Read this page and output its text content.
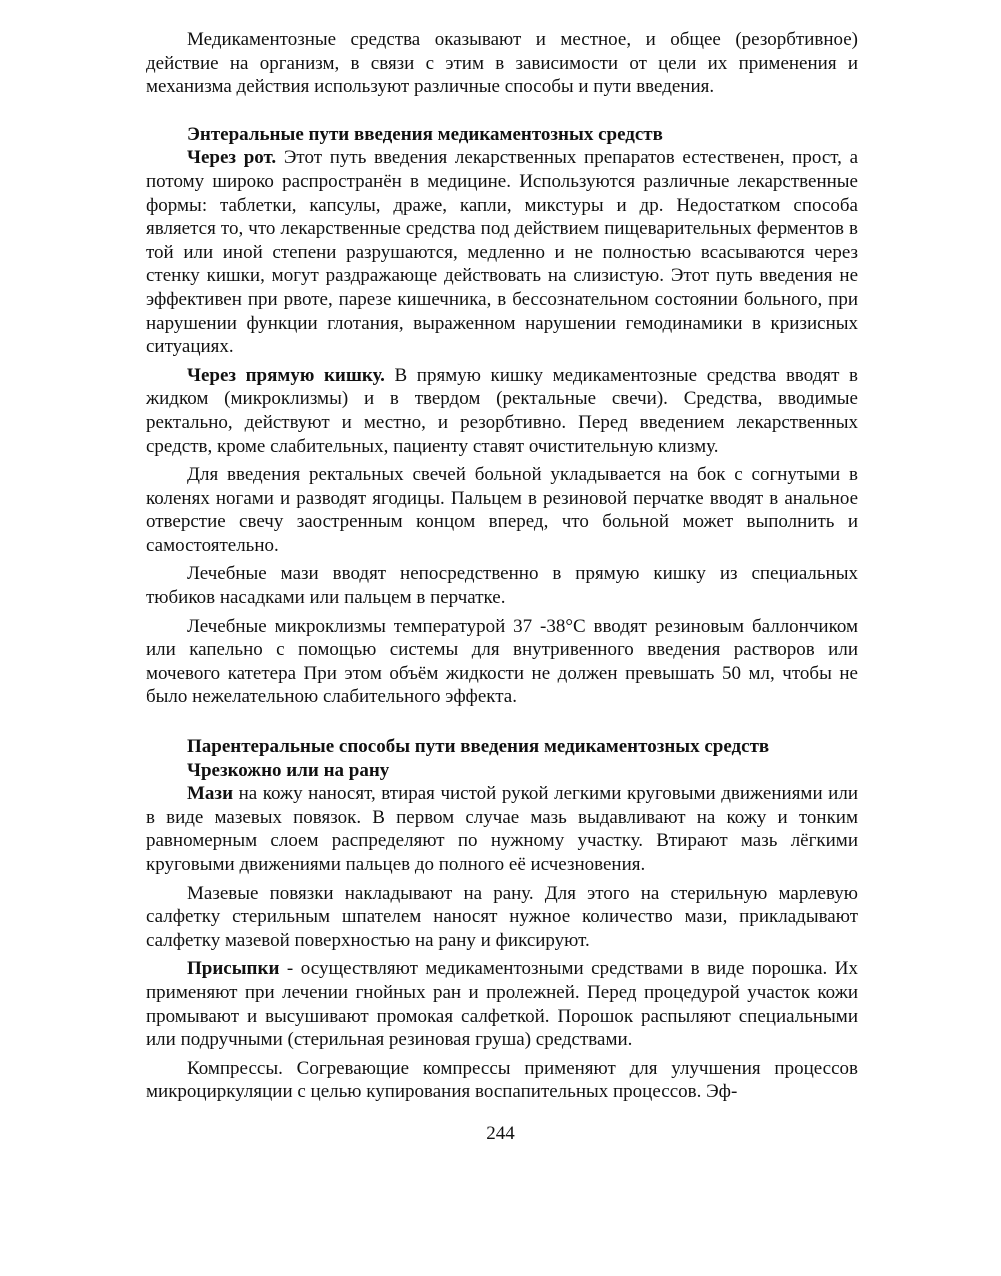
Медикаментозные средства оказывают и местное, и общее (резорбтивное) действие на организм, в связи с этим в зависимости от цели их применения и механизма действия используют различные способы и пути введения.

Энтеральные пути введения медикаментозных средств

Через рот. Этот путь введения лекарственных препаратов естественен, прост, а потому широко распространён в медицине. Используются различные лекарственные формы: таблетки, капсулы, драже, капли, микстуры и др. Недостатком способа является то, что лекарственные средства под действием пищеварительных ферментов в той или иной степени разрушаются, медленно и не полностью всасываются через стенку кишки, могут раздражающе действовать на слизистую. Этот путь введения не эффективен при рвоте, парезе кишечника, в бессознательном состоянии больного, при нарушении функции глотания, выраженном нарушении гемодинамики в кризисных ситуациях.

Через прямую кишку. В прямую кишку медикаментозные средства вводят в жидком (микроклизмы) и в твердом (ректальные свечи). Средства, вводимые ректально, действуют и местно, и резорбтивно. Перед введением лекарственных средств, кроме слабительных, пациенту ставят очистительную клизму.

Для введения ректальных свечей больной укладывается на бок с согнутыми в коленях ногами и разводят ягодицы. Пальцем в резиновой перчатке вводят в анальное отверстие свечу заостренным концом вперед, что больной может выполнить и самостоятельно.

Лечебные мази вводят непосредственно в прямую кишку из специальных тюбиков насадками или пальцем в перчатке.

Лечебные микроклизмы температурой 37 -38°С вводят резиновым баллончиком или капельно с помощью системы для внутривенного введения растворов или мочевого катетера При этом объём жидкости не должен превышать 50 мл, чтобы не было нежелательною слабительного эффекта.

Парентеральные способы пути введения медикаментозных средств
Чрезкожно или на рану

Мази на кожу наносят, втирая чистой рукой легкими круговыми движениями или в виде мазевых повязок. В первом случае мазь выдавливают на кожу и тонким равномерным слоем распределяют по нужному участку. Втирают мазь лёгкими круговыми движениями пальцев до полного её исчезновения.

Мазевые повязки накладывают на рану. Для этого на стерильную марлевую салфетку стерильным шпателем наносят нужное количество мази, прикладывают салфетку мазевой поверхностью на рану и фиксируют.

Присыпки - осуществляют медикаментозными средствами в виде порошка. Их применяют при лечении гнойных ран и пролежней. Перед процедурой участок кожи промывают и высушивают промокая салфеткой. Порошок распыляют специальными или подручными (стерильная резиновая груша) средствами.

Компрессы. Согревающие компрессы применяют для улучшения процессов микроциркуляции с целью купирования воспапительных процессов. Эф-

244
